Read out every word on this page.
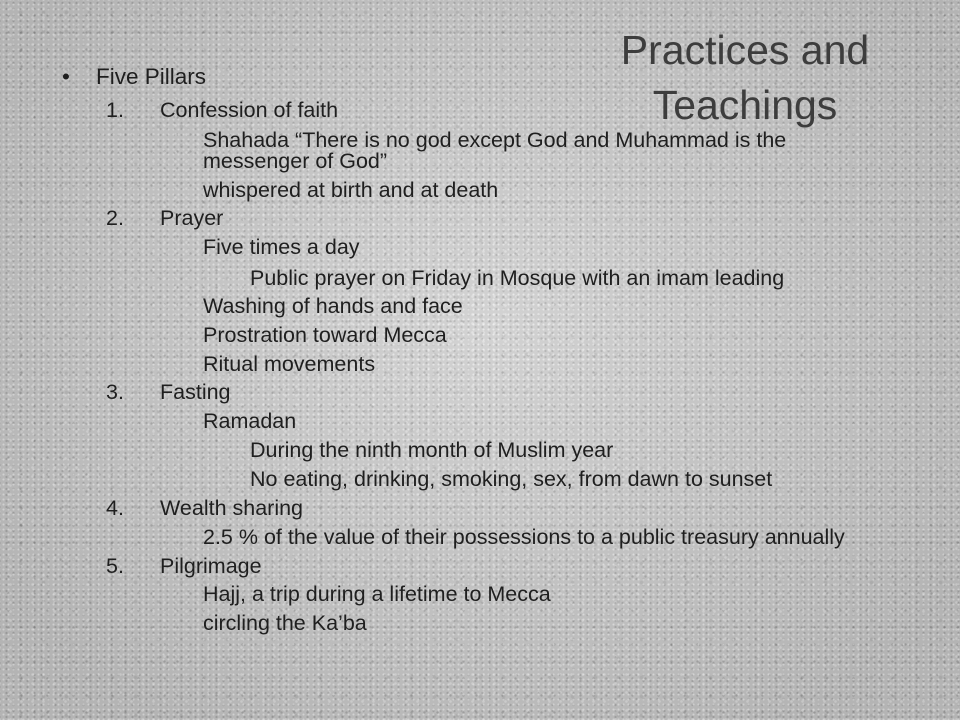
Practices and
Teachings
• Five Pillars
1. Confession of faith
Shahada “There is no god except God and Muhammad is the
messenger of God”
whispered at birth and at death
2. Prayer
Five times a day
Public prayer on Friday in Mosque with an imam leading
Washing of hands and face
Prostration toward Mecca
Ritual movements
3. Fasting
Ramadan
During the ninth month of Muslim year
No eating, drinking, smoking, sex, from dawn to sunset
4. Wealth sharing
2.5 % of the value of their possessions to a public treasury annually
5. Pilgrimage
Hajj, a trip during a lifetime to Mecca
circling the Ka’ba
